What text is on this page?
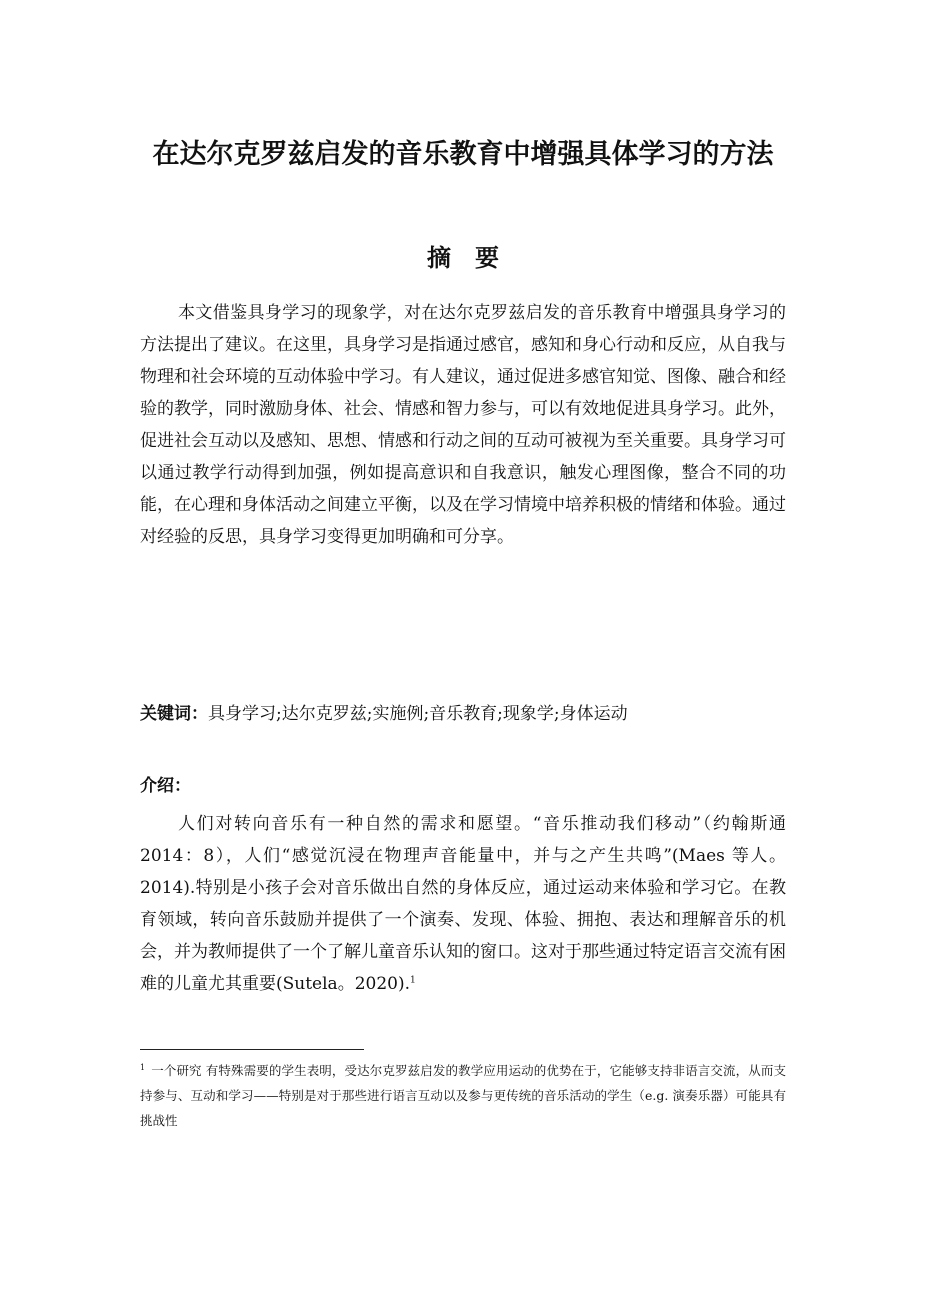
在达尔克罗兹启发的音乐教育中增强具体学习的方法
摘要

本文借鉴具身学习的现象学，对在达尔克罗兹启发的音乐教育中增强具身学习的方法提出了建议。在这里，具身学习是指通过感官，感知和身心行动和反应，从自我与物理和社会环境的互动体验中学习。有人建议，通过促进多感官知觉、图像、融合和经验的教学，同时激励身体、社会、情感和智力参与，可以有效地促进具身学习。此外，促进社会互动以及感知、思想、情感和行动之间的互动可被视为至关重要。具身学习可以通过教学行动得到加强，例如提高意识和自我意识，触发心理图像，整合不同的功能，在心理和身体活动之间建立平衡，以及在学习情境中培养积极的情绪和体验。通过对经验的反思，具身学习变得更加明确和可分享。

关键词：具身学习;达尔克罗兹;实施例;音乐教育;现象学;身体运动

介绍：

人们对转向音乐有一种自然的需求和愿望。“音乐推动我们移动”（约翰斯通 2014：8），人们“感觉沉浸在物理声音能量中，并与之产生共鸣”(Maes 等人。2014).特别是小孩子会对音乐做出自然的身体反应，通过运动来体验和学习它。在教育领域，转向音乐鼓励并提供了一个演奏、发现、体验、拥抱、表达和理解音乐的机会，并为教师提供了一个了解儿童音乐认知的窗口。这对于那些通过特定语言交流有困难的儿童尤其重要(Sutela。2020).$^1$

$^1$ 一个研究 有特殊需要的学生表明，受达尔克罗兹启发的教学应用运动的优势在于，它能够支持非语言交流，从而支持参与、互动和学习——特别是对于那些进行语言互动以及参与更传统的音乐活动的学生（e.g. 演奏乐器）可能具有挑战性
